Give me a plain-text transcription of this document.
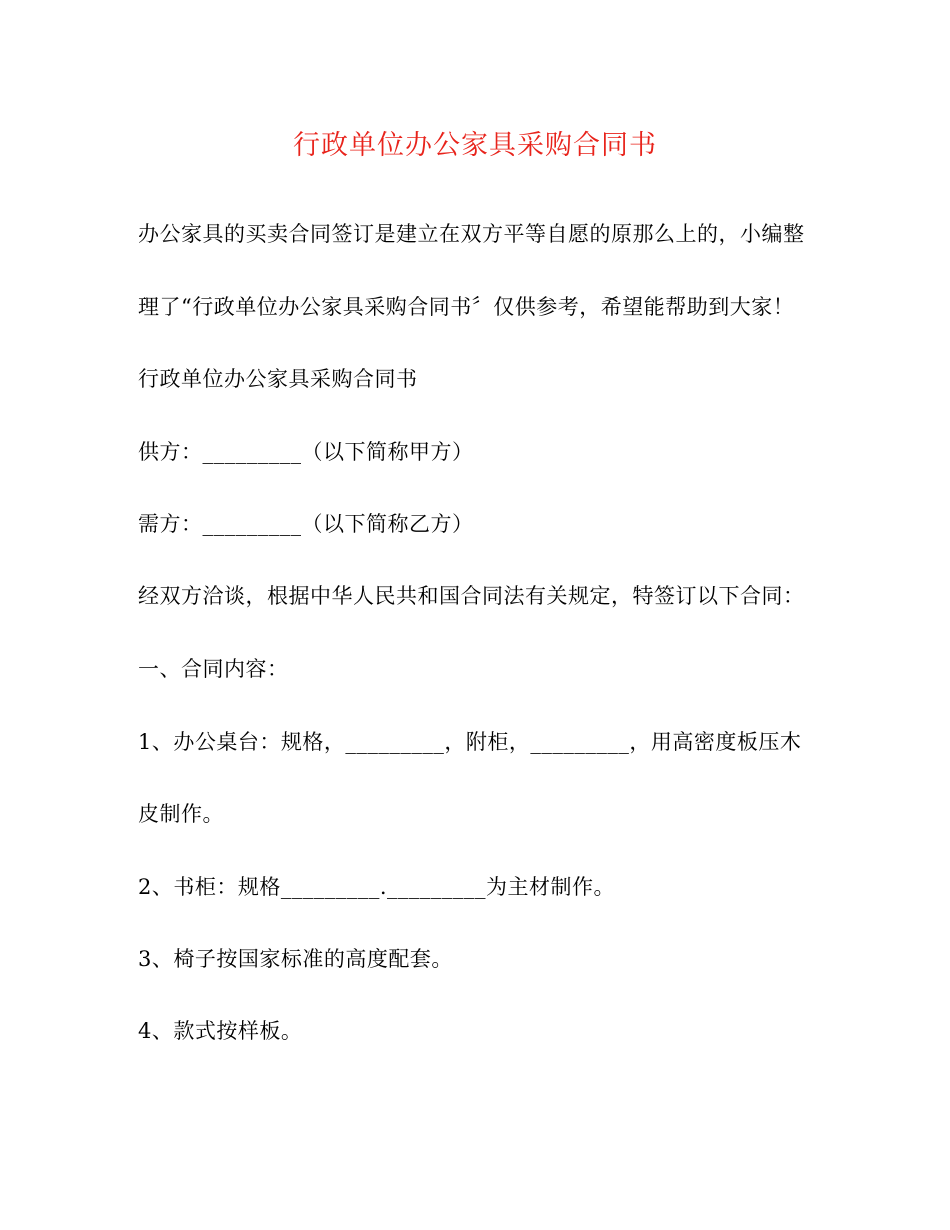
行政单位办公家具采购合同书
办公家具的买卖合同签订是建立在双方平等自愿的原那么上的，小编整
理了“行政单位办公家具采购合同书〞仅供参考，希望能帮助到大家！
行政单位办公家具采购合同书
供方：_________（以下简称甲方）
需方：_________（以下简称乙方）
经双方洽谈，根据中华人民共和国合同法有关规定，特签订以下合同：
一、合同内容：
1、办公桌台：规格，_________，附柜，_________，用高密度板压木
皮制作。
2、书柜：规格_________._________为主材制作。
3、椅子按国家标准的高度配套。
4、款式按样板。
